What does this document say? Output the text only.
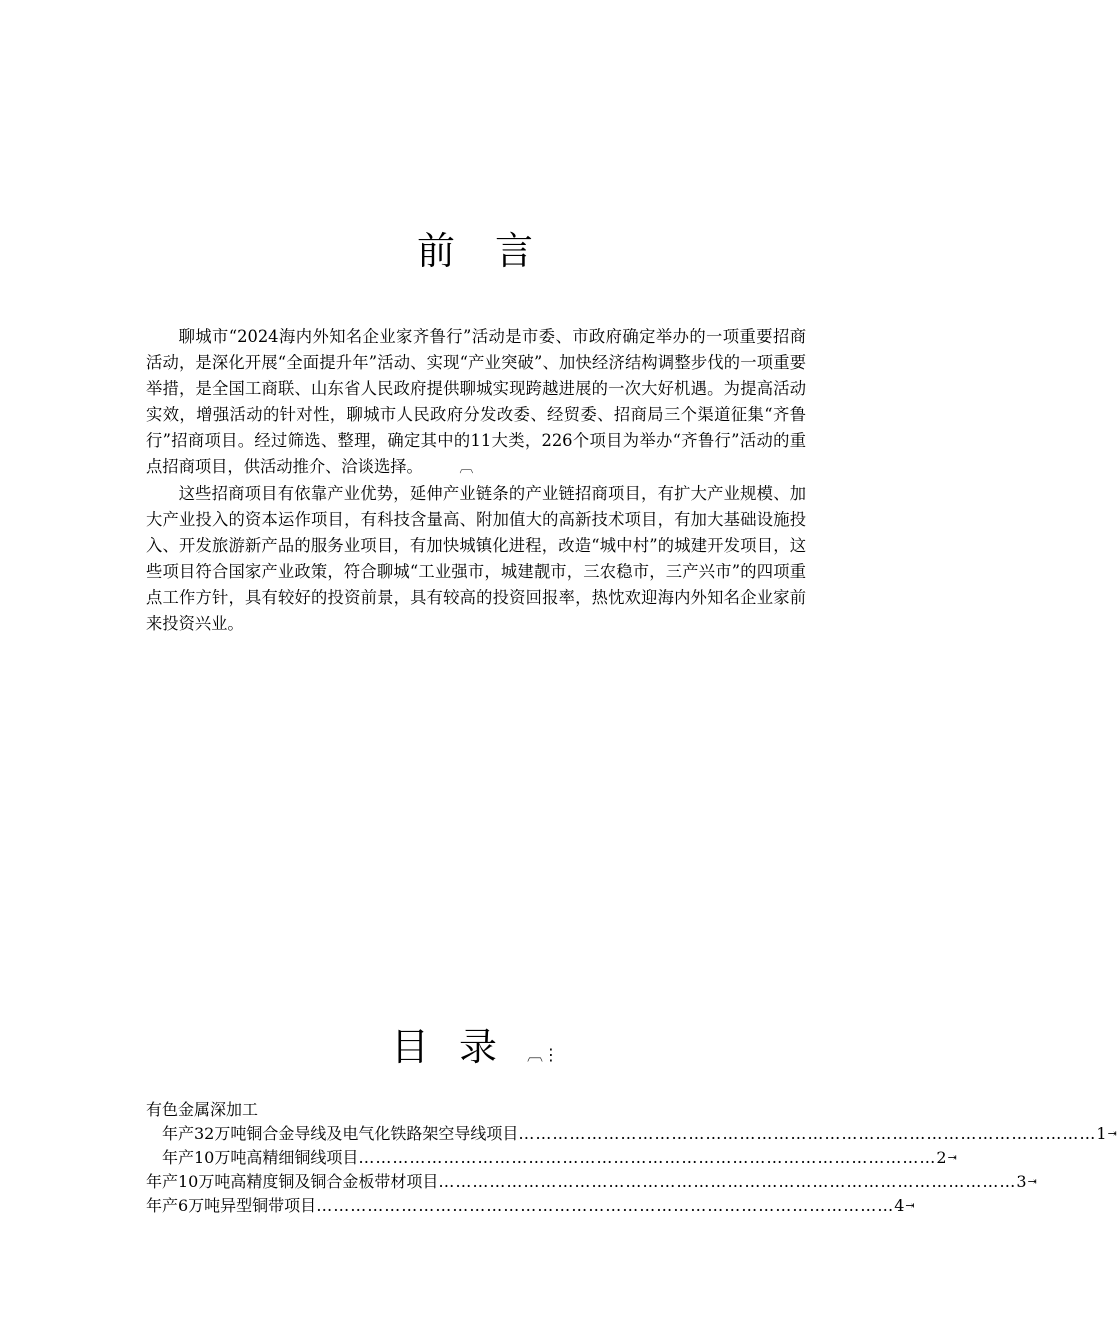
前言

聊城市“2024海内外知名企业家齐鲁行”活动是市委、市政府确定举办的一项重要招商活动，是深化开展“全面提升年”活动、实现“产业突破”、加快经济结构调整步伐的一项重要举措，是全国工商联、山东省人民政府提供聊城实现跨越进展的一次大好机遇。为提高活动实效，增强活动的针对性，聊城市人民政府分发改委、经贸委、招商局三个渠道征集“齐鲁行”招商项目。经过筛选、整理，确定其中的11大类，226个项目为举办“齐鲁行”活动的重点招商项目，供活动推介、洽谈选择。	︹

这些招商项目有依靠产业优势，延伸产业链条的产业链招商项目，有扩大产业规模、加大产业投入的资本运作项目，有科技含量高、附加值大的高新技术项目，有加大基础设施投入、开发旅游新产品的服务业项目，有加快城镇化进程，改造“城中村”的城建开发项目，这些项目符合国家产业政策，符合聊城“工业强市，城建靓市，三农稳市，三产兴市”的四项重点工作方针，具有较好的投资前景，具有较高的投资回报率，热忱欢迎海内外知名企业家前来投资兴业。

目录︹⋮
有色金属深加工
年产32万吨铜合金导线及电气化铁路架空导线项目 ………………………………………………………………………………………… 1 ⇥
年产10万吨高精细铜线项目 ………………………………………………………………………………………… 2 ⇥
年产10万吨高精度铜及铜合金板带材项目 ………………………………………………………………………………………… 3 ⇥
年产6万吨异型铜带项目 ………………………………………………………………………………………… 4 ⇥
